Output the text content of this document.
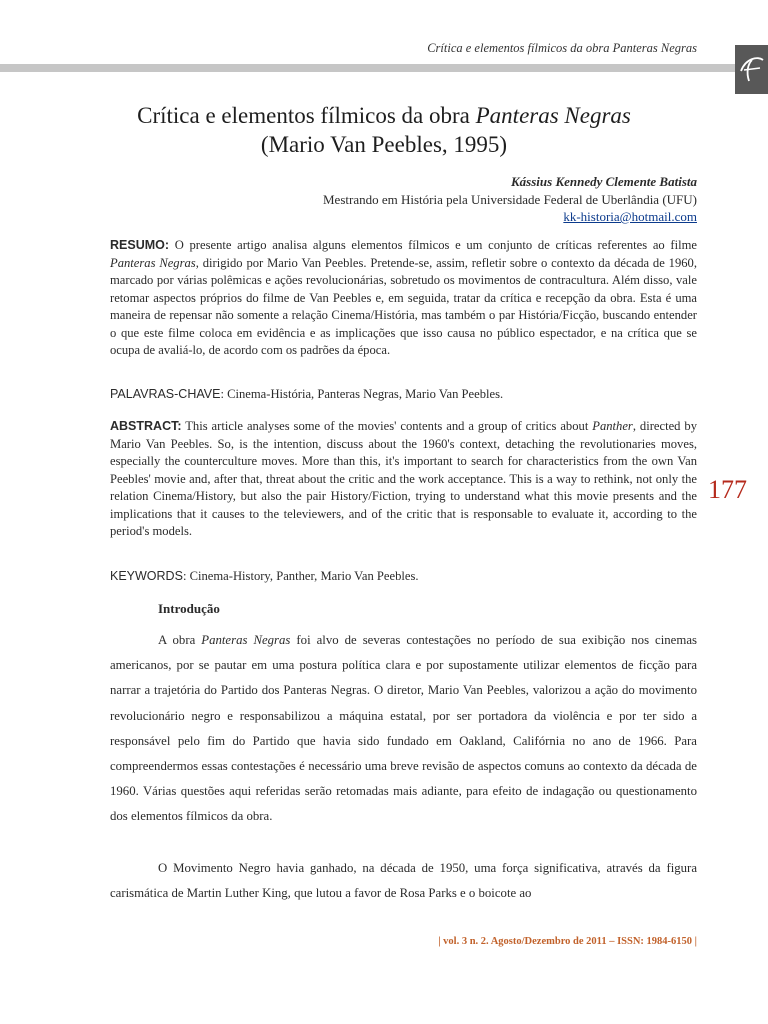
Crítica e elementos fílmicos da obra Panteras Negras
Crítica e elementos fílmicos da obra Panteras Negras
(Mario Van Peebles, 1995)
Kássius Kennedy Clemente Batista
Mestrando em História pela Universidade Federal de Uberlândia (UFU)
kk-historia@hotmail.com

RESUMO: O presente artigo analisa alguns elementos fílmicos e um conjunto de críticas referentes ao filme Panteras Negras, dirigido por Mario Van Peebles. Pretende-se, assim, refletir sobre o contexto da década de 1960, marcado por várias polêmicas e ações revolucionárias, sobretudo os movimentos de contracultura. Além disso, vale retomar aspectos próprios do filme de Van Peebles e, em seguida, tratar da crítica e recepção da obra. Esta é uma maneira de repensar não somente a relação Cinema/História, mas também o par História/Ficção, buscando entender o que este filme coloca em evidência e as implicações que isso causa no público espectador, e na crítica que se ocupa de avaliá-lo, de acordo com os padrões da época.

PALAVRAS-CHAVE: Cinema-História, Panteras Negras, Mario Van Peebles.

ABSTRACT: This article analyses some of the movies' contents and a group of critics about Panther, directed by Mario Van Peebles. So, is the intention, discuss about the 1960's context, detaching the revolutionaries moves, especially the counterculture moves. More than this, it's important to search for characteristics from the own Van Peebles' movie and, after that, threat about the critic and the work acceptance. This is a way to rethink, not only the relation Cinema/History, but also the pair History/Fiction, trying to understand what this movie presents and the implications that it causes to the televiewers, and of the critic that is responsable to evaluate it, according to the period's models.

KEYWORDS: Cinema-History, Panther, Mario Van Peebles.

Introdução

A obra Panteras Negras foi alvo de severas contestações no período de sua exibição nos cinemas americanos, por se pautar em uma postura política clara e por supostamente utilizar elementos de ficção para narrar a trajetória do Partido dos Panteras Negras. O diretor, Mario Van Peebles, valorizou a ação do movimento revolucionário negro e responsabilizou a máquina estatal, por ser portadora da violência e por ter sido a responsável pelo fim do Partido que havia sido fundado em Oakland, Califórnia no ano de 1966. Para compreendermos essas contestações é necessário uma breve revisão de aspectos comuns ao contexto da década de 1960. Várias questões aqui referidas serão retomadas mais adiante, para efeito de indagação ou questionamento dos elementos fílmicos da obra.

O Movimento Negro havia ganhado, na década de 1950, uma força significativa, através da figura carismática de Martin Luther King, que lutou a favor de Rosa Parks e o boicote ao

177
| vol. 3 n. 2. Agosto/Dezembro de 2011 – ISSN: 1984-6150 |
